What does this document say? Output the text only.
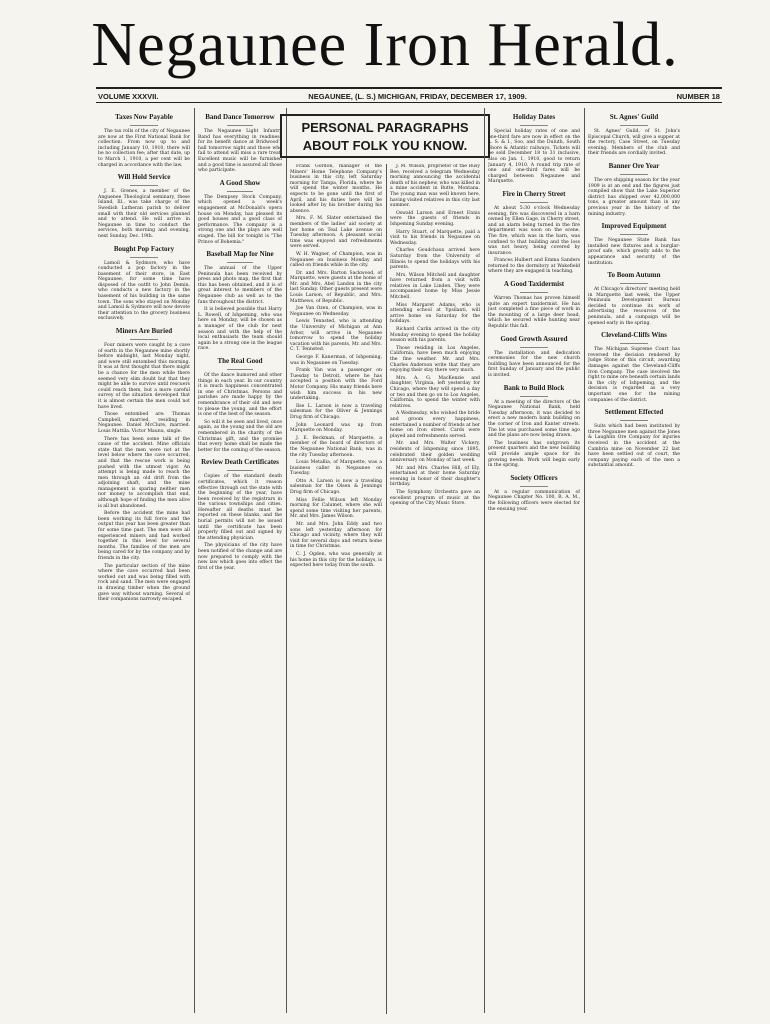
Negaunee Iron Herald.
VOLUME XXXVII.	NEGAUNEE, (L. S.) MICHIGAN, FRIDAY, DECEMBER 17, 1909.	NUMBER 18
Taxes Now Payable
The tax rolls of the city of Negaunee are now at the First National Bank for collection. From now up to and including January 10, 1910, there will be no collection fee; after that date, up to March 1, 1910, a per cent will be charged in accordance with the law.
Will Hold Service
J. E. Grenes, a member of the Anguenee Theological seminary, these Island, Ill., was take charge of the Swedish Lutheran parish to deliver small with their old services planned and to attend. He will arrive in Negaunee in time to conduct the services, both morning and evening, next Sunday, Dec. 19th.
Bought Pop Factory
Lamoil & Sydmore, who have conducted a pop factory in the basement of their store, in East Negaunee, for some time have disposed of the outfit to John Demin, who conducts a new factory in the basement of his building in the same town. The sons who stayed on Monday and Lamoil & Sydmore will now devote their attention to the grocery business exclusively.
Miners Are Buried
Four miners were caught by a cave of earth in the Negaunee mine shortly before midnight, last Monday night, and were still entombed this morning. It was at first thought that there might be a chance for the men while there seemed very slim doubt but that they might be able to survive until rescuers could reach them, but a more careful survey of the situation developed that it is almost certain the men could not have lived.
Those entombed are: Thomas Campbell, married, residing in Negaunee. Daniel McClure, married. Louis Mattila. Victor Maunu, single.
There has been some talk of the cause of the accident. Mine officials state that the men were not at the level below where the cave occurred, and that the rescue work is being pushed with the utmost vigor. An attempt is being made to reach the men through an old drift from the adjoining shaft, and the mine management is sparing neither men nor money to accomplish that end, although hope of finding the men alive is all but abandoned.
Before the accident the mine had been working its full force and the output this year has been greater than for some time past. The men were all experienced miners and had worked together in this level for several months. The families of the men are being cared for by the company and by friends in the city.
The particular section of the mine where the cave occurred had been worked out and was being filled with rock and sand. The men were engaged in drawing timber when the ground gave way without warning. Several of their companions narrowly escaped.
Band Dance Tomorrow
The Negaunee Light Infantry Band has everything in readiness for its benefit dance at Bridwood's hall tomorrow night and those who fail to attend will miss a rare treat. Excellent music will be furnished and a good time is assured all those who participate.
A Good Show
The Dempsey Stock Company, which opened a week's engagement at McDonald's opera house on Monday, has pleased its good houses and a good class of performance. The company is a strong one and the plays are well staged. The bill for tonight is "The Prince of Bohemia."
Baseball Map for Nine
The annual of the Upper Peninsula has been received by press and photo map, the first that this has been obtained, and it is of great interest to members of the Negaunee club as well as to the fans throughout the district.
It is believed possible that Harry L. Rowell, of Ishpeming, who was here on Monday, will be chosen as a manager of the club for next season and with the help of the local enthusiasts the team should again be a strong one in the league race.
The Real Good
Of the dance humored and other things in each year. In our country it is much happiness concentrated in one of Christmas. Persons and parishes are made happy by the remembrance of their old and new to please the young, and the effort is one of the best of the season.
So will it be seen and lived, once again, as the young and the old are remembered in the charity of the Christmas gift, and the promise that every home shall be made the better for the coming of the season.
Review Death Certificates
Copies of the standard death certificates, which it reason effective through out the state with the beginning of the year, have been received by the registrars in the various townships and cities. Hereafter all deaths must be reported on these blanks, and the burial permits will not be issued until the certificate has been properly filled out and signed by the attending physician.
The physicians of the city have been notified of the change and are now prepared to comply with the new law which goes into effect the first of the year.
PERSONAL PARAGRAPHS
ABOUT FOLK YOU KNOW.
Frank Gordon, manager of the Miners' Home Telephone Company's business in this city, left Saturday morning for Tampa, Florida, where he will spend the winter months. He expects to be gone until the first of April, and his duties here will be looked after by his brother during his absence.
Mrs. F. M. Slater entertained the members of the ladies' aid society at her home on Teal Lake avenue on Tuesday afternoon. A pleasant social time was enjoyed and refreshments were served.
W. H. Wagner, of Champion, was in Negaunee on business Monday and called on friends while in the city.
Dr. and Mrs. Barton Sackwood, of Marquette, were guests at the home of Mr. and Mrs. Abel Landon in the city last Sunday. Other guests present were Louis Larson, of Republic, and Mrs. Matthews, of Republic.
Joe Van Ozen, of Champion, was in Negaunee on Wednesday.
Lewis Tennsted, who is attending the University of Michigan at Ann Arbor, will arrive in Negaunee tomorrow to spend the holiday vacation with his parents, Mr. and Mrs. C. T. Tennsted.
George F. Kanerman, of Ishpeming, was in Negaunee on Tuesday.
Frank Van was a passenger on Tuesday to Detroit, where he has accepted a position with the Ford Motor Company. His many friends here wish him success in his new undertaking.
Ilse L. Larson is now a traveling salesman for the Oliver & Jennings Drug firm of Chicago.
John Leonard was up from Marquette on Monday.
J. E. Beckman, of Marquette, a member of the board of directors of the Negaunee National Bank, was in the city Tuesday afternoon.
Louis Metallia, of Marquette, was a business caller in Negaunee on Tuesday.
Otto A. Larsen is now a traveling salesman for the Olsen & Jennings Drug firm of Chicago.
Miss Fellie Wilson left Monday morning for Calumet, where she will spend some time visiting her parents, Mr. and Mrs. James Wilson.
Mr. and Mrs. John Eddy and two sons left yesterday afternoon for Chicago and vicinity, where they will visit for several days and return home in time for Christmas.
C. J. Ogden, who was generally at his home in this city for the holidays, is expected here today from the south.
J. M. Wilson, proprietor of the Busy Bee, received a telegram Wednesday morning announcing the accidental death of his nephew, who was killed in a mine accident in Butte, Montana. The young man was well known here, having visited relatives in this city last summer.
Oswald Larson and Ernest Ennis were the guests of friends in Ishpeming Sunday evening.
Harry Stuart, of Marquette, paid a visit to his friends in Negaunee on Wednesday.
Charles Goudchaux arrived here Saturday from the University of Illinois to spend the holidays with his parents.
Mrs. Wilson Mitchell and daughter have returned from a visit with relatives in Lake Linden. They were accompanied home by Miss Jessie Mitchell.
Miss Margaret Adams, who is attending school at Ypsilanti, will arrive home on Saturday for the holidays.
Richard Carlin arrived in the city Monday evening to spend the holiday season with his parents.
Those residing in Los Angeles, California, have been much enjoying the fine weather. Mr. and Mrs. Charles Anderson write that they are enjoying their stay there very much.
Mrs. A. G. MacKenzie and daughter, Virginia, left yesterday for Chicago, where they will spend a day or two and then go on to Los Angeles, California, to spend the winter with relatives.
A Wednesday, who wished the bride and groom every happiness, entertained a number of friends at her home on Iron street. Cards were played and refreshments served.
Mr. and Mrs. Walter Vickery, residents of Ishpeming since 1895, celebrated their golden wedding anniversary on Monday of last week.
Mr. and Mrs. Charles Hill, of Ely, entertained at their home Saturday evening in honor of their daughter's birthday.
The Symphony Orchestra gave an excellent program of music at the opening of the City Music Store.
Holiday Dates
Special holiday rates of one and one-third fare are now in effect on the L. S. & I., Soo, and the Duluth, South Shore & Atlantic railways. Tickets will be sold December 18 to 31 inclusive, also on Jan. 1, 1910, good to return January 4, 1910. A round trip rate of one and one-third fares will be charged between Negaunee and Marquette.
Fire in Cherry Street
At about 5:30 o'clock Wednesday evening, fire was discovered in a barn owned by Ellen Gage, in Cherry street, and an alarm being turned in the fire department was soon on the scene. The fire, which was in the barn, was confined to that building and the loss was not heavy, being covered by insurance.
Frances Hulbert and Emma Sanders returned to the dormitory at Wakefield where they are engaged in teaching.
A Good Taxidermist
Warren Thomas has proven himself quite an expert taxidermist. He has just completed a fine piece of work in the mounting of a large deer head, which he secured while hunting near Republic this fall.
Good Growth Assured
The installation and dedication ceremonies for the new church building have been announced for the first Sunday of January and the public is invited.
Bank to Build Block
At a meeting of the directors of the Negaunee National Bank, held Tuesday afternoon, it was decided to erect a new modern bank building on the corner of Iron and Kanter streets. The lot was purchased some time ago and the plans are now being drawn.
The business has outgrown its present quarters and the new building will provide ample space for its growing needs. Work will begin early in the spring.
Society Officers
At a regular communication of Negaunee Chapter No. 100, R. A. M., the following officers were elected for the ensuing year.
St. Agnes' Guild
St. Agnes' Guild, of St. John's Episcopal Church, will give a supper at the rectory, Case Street, on Tuesday evening. Members of the club and their friends are cordially invited.
Banner Ore Year
The ore shipping season for the year 1909 is at an end and the figures just compiled show that the Lake Superior district has shipped over 42,000,000 tons, a greater amount than in any previous year in the history of the mining industry.
Improved Equipment
The Negaunee State Bank has installed new fixtures and a burglar-proof safe, which greatly adds to the appearance and security of the institution.
To Boom Autumn
At Chicago's directors' meeting held in Marquette last week, the Upper Peninsula Development Bureau decided to continue its work of advertising the resources of the peninsula, and a campaign will be opened early in the spring.
Cleveland-Cliffs Wins
The Michigan Supreme Court has reversed the decision rendered by Judge Stone of this circuit, awarding damages against the Cleveland-Cliffs Iron Company. The case involved the right to mine ore beneath certain lands in the city of Ishpeming, and the decision is regarded as a very important one for the mining companies of the district.
Settlement Effected
Suits which had been instituted by three Negaunee men against the Jones & Laughlin Ore Company for injuries received in the accident at the Cambria mine on November 22 last have been settled out of court, the company paying each of the men a substantial amount.
